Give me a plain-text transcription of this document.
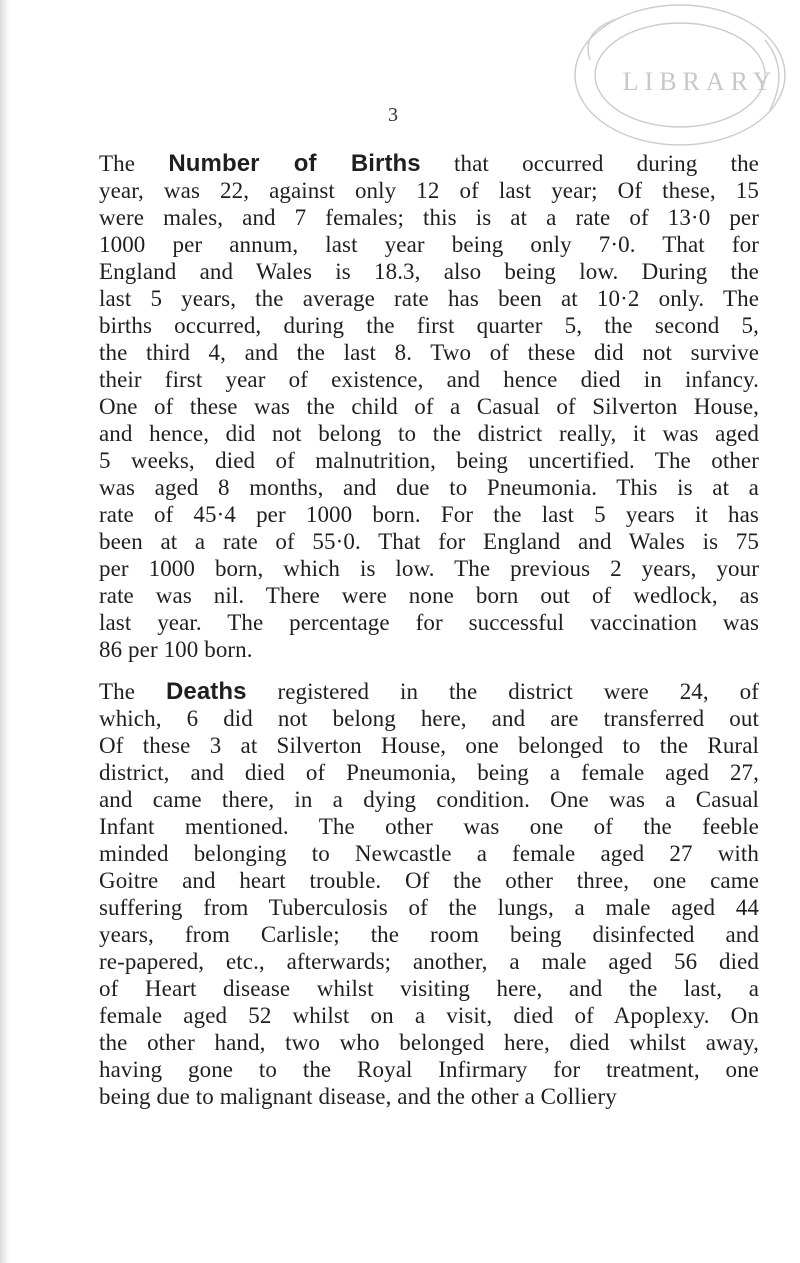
LIBRARY
3
The Number of Births that occurred during the
year, was 22, against only 12 of last year; Of these, 15
were males, and 7 females; this is at a rate of 13·0 per
1000 per annum, last year being only 7·0. That for
England and Wales is 18.3, also being low. During the
last 5 years, the average rate has been at 10·2 only. The
births occurred, during the first quarter 5, the second 5,
the third 4, and the last 8. Two of these did not survive
their first year of existence, and hence died in infancy.
One of these was the child of a Casual of Silverton House,
and hence, did not belong to the district really, it was aged
5 weeks, died of malnutrition, being uncertified. The other
was aged 8 months, and due to Pneumonia. This is at a
rate of 45·4 per 1000 born. For the last 5 years it has
been at a rate of 55·0. That for England and Wales is 75
per 1000 born, which is low. The previous 2 years, your
rate was nil. There were none born out of wedlock, as
last year. The percentage for successful vaccination was
86 per 100 born.
The Deaths registered in the district were 24, of
which, 6 did not belong here, and are transferred out
Of these 3 at Silverton House, one belonged to the Rural
district, and died of Pneumonia, being a female aged 27,
and came there, in a dying condition. One was a Casual
Infant mentioned. The other was one of the feeble
minded belonging to Newcastle a female aged 27 with
Goitre and heart trouble. Of the other three, one came
suffering from Tuberculosis of the lungs, a male aged 44
years, from Carlisle; the room being disinfected and
re-papered, etc., afterwards; another, a male aged 56 died
of Heart disease whilst visiting here, and the last, a
female aged 52 whilst on a visit, died of Apoplexy. On
the other hand, two who belonged here, died whilst away,
having gone to the Royal Infirmary for treatment, one
being due to malignant disease, and the other a Colliery
